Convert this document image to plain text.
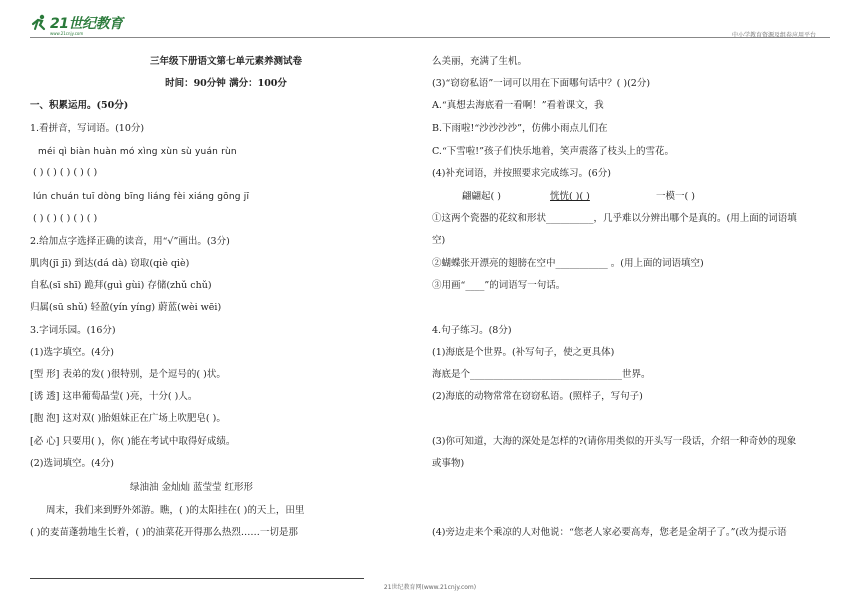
21世纪教育
www.21cnjy.com	中小学教育资源及组卷应用平台
三年级下册语文第七单元素养测试卷
时间：90分钟 满分：100分
一、积累运用。(50分)
1.看拼音，写词语。(10分)
méi qì biàn huàn mó xìng xùn sù yuán rùn
( ) ( ) ( ) ( ) ( )
lún chuán tuī dòng bīng liáng fèi xiáng gōng jī
( ) ( ) ( ) ( ) ( )
2.给加点字选择正确的读音，用“√”画出。(3分)
肌肉(jī jī) 到达(dá dà) 窃取(qiè qiè)
自私(sī shī) 跪拜(guì gùi) 存储(zhǔ chǔ)
归属(sū shǔ) 轻盈(yín yíng) 蔚蓝(wèi wēi)
3.字词乐园。(16分)
(1)选字填空。(4分)
[型 形] 表弟的发( )很特别，是个逗号的( )状。
[诱 透] 这串葡萄晶莹( )亮，十分( )人。
[胞 泡] 这对双( )胎姐妹正在广场上吹肥皂( )。
[必 心] 只要用( )，你( )能在考试中取得好成绩。
(2)选词填空。(4分)
绿油油 金灿灿 蓝莹莹 红形形
周末，我们来到野外郊游。瞧，( )的太阳挂在( )的天上，田里
( )的麦苗蓬勃地生长着，( )的油菜花开得那么热烈……一切是那
么美丽，充满了生机。
(3)“窃窃私语”一词可以用在下面哪句话中？( )(2分)
A.“真想去海底看一看啊！”看着课文，我
B.下雨啦!“沙沙沙沙”，仿佛小雨点儿们在
C.“下雪啦!”孩子们快乐地着，笑声震落了枝头上的雪花。
(4)补充词语，并按照要求完成练习。(6分)
翩翩起( )	恍恍( )( )	一模一( )
①这两个瓷器的花纹和形状__________，几乎难以分辨出哪个是真的。(用上面的词语填
空)
②蝴蝶张开漂亮的翅膀在空中___________ 。(用上面的词语填空)
③用画“____”的词语写一句话。
4.句子练习。(8分)
(1)海底是个世界。(补写句子，使之更具体)
海底是个________________________________世界。
(2)海底的动物常常在窃窃私语。(照样子，写句子)
(3)你可知道，大海的深处是怎样的?(请你用类似的开头写一段话，介绍一种奇妙的现象
或事物)
(4)旁边走来个乘凉的人对他说：“您老人家必要高寿，您老是金胡子了。”(改为提示语
21世纪教育网(www.21cnjy.com)
